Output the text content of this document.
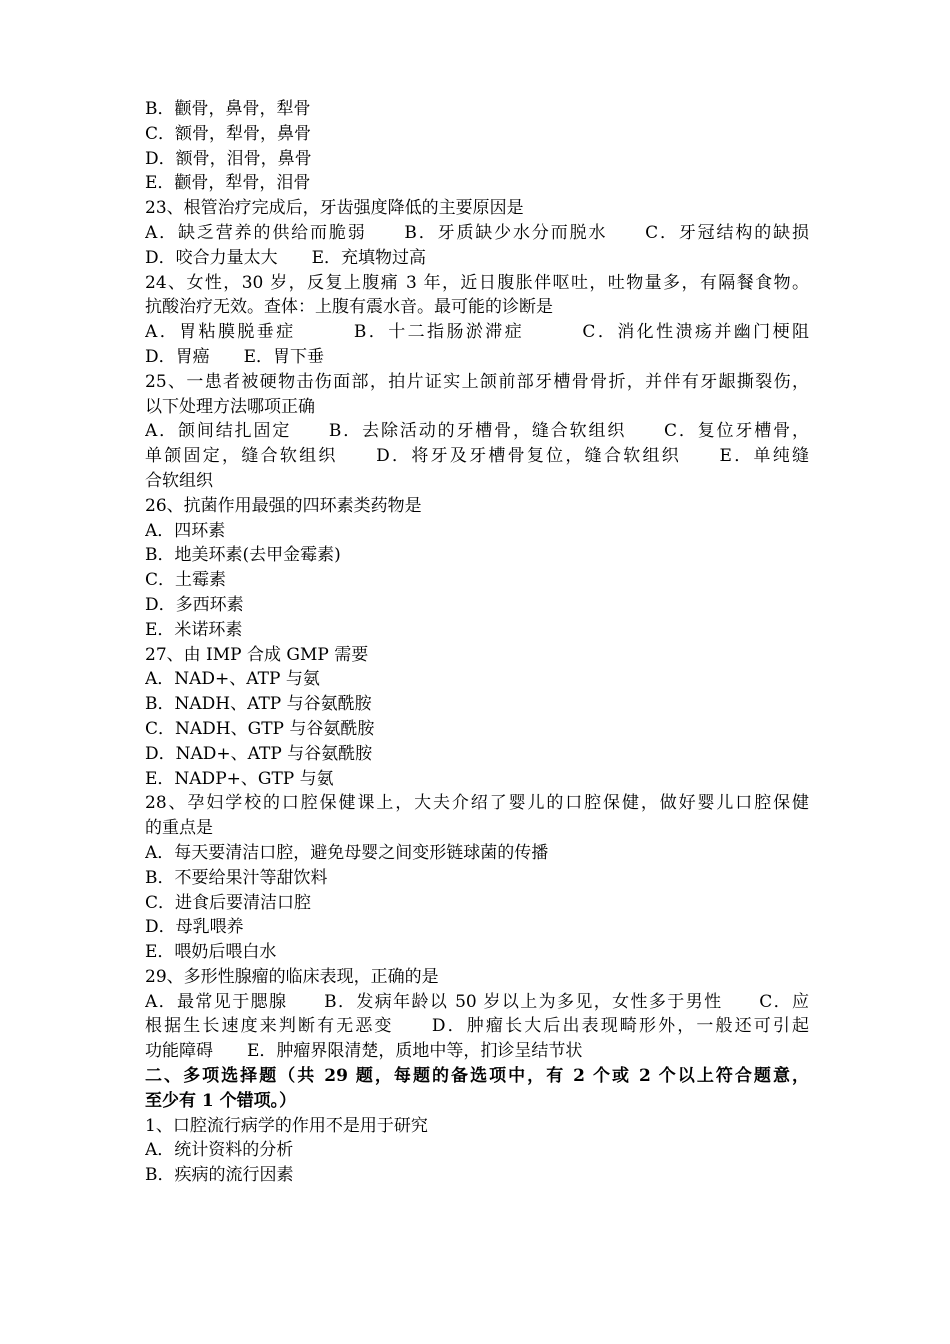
B．颧骨，鼻骨，犁骨
C．额骨，犁骨，鼻骨
D．额骨，泪骨，鼻骨
E．颧骨，犁骨，泪骨
23、根管治疗完成后，牙齿强度降低的主要原因是
A．缺乏营养的供给而脆弱　　B．牙质缺少水分而脱水　　C．牙冠结构的缺损
D．咬合力量太大　　E．充填物过高
24、女性，30 岁，反复上腹痛 3 年，近日腹胀伴呕吐，吐物量多，有隔餐食物。
抗酸治疗无效。查体：上腹有震水音。最可能的诊断是
A．胃粘膜脱垂症　　　B．十二指肠淤滞症　　　C．消化性溃疡并幽门梗阻
D．胃癌　　E．胃下垂
25、一患者被硬物击伤面部，拍片证实上颌前部牙槽骨骨折，并伴有牙龈撕裂伤，
以下处理方法哪项正确
A．颌间结扎固定　　B．去除活动的牙槽骨，缝合软组织　　C．复位牙槽骨，
单颌固定，缝合软组织　　D．将牙及牙槽骨复位，缝合软组织　　E．单纯缝
合软组织
26、抗菌作用最强的四环素类药物是
A．四环素
B．地美环素(去甲金霉素)
C．土霉素
D．多西环素
E．米诺环素
27、由 IMP 合成 GMP 需要
A．NAD+、ATP 与氨
B．NADH、ATP 与谷氨酰胺
C．NADH、GTP 与谷氨酰胺
D．NAD+、ATP 与谷氨酰胺
E．NADP+、GTP 与氨
28、孕妇学校的口腔保健课上，大夫介绍了婴儿的口腔保健，做好婴儿口腔保健
的重点是
A．每天要清洁口腔，避免母婴之间变形链球菌的传播
B．不要给果汁等甜饮料
C．进食后要清洁口腔
D．母乳喂养
E．喂奶后喂白水
29、多形性腺瘤的临床表现，正确的是
A．最常见于腮腺　　B．发病年龄以 50 岁以上为多见，女性多于男性　　C．应
根据生长速度来判断有无恶变　　D．肿瘤长大后出表现畸形外，一般还可引起
功能障碍　　E．肿瘤界限清楚，质地中等，扪诊呈结节状
二、多项选择题（共 29 题，每题的备选项中，有 2 个或 2 个以上符合题意，
至少有 1 个错项。）
1、口腔流行病学的作用不是用于研究
A．统计资料的分析
B．疾病的流行因素
